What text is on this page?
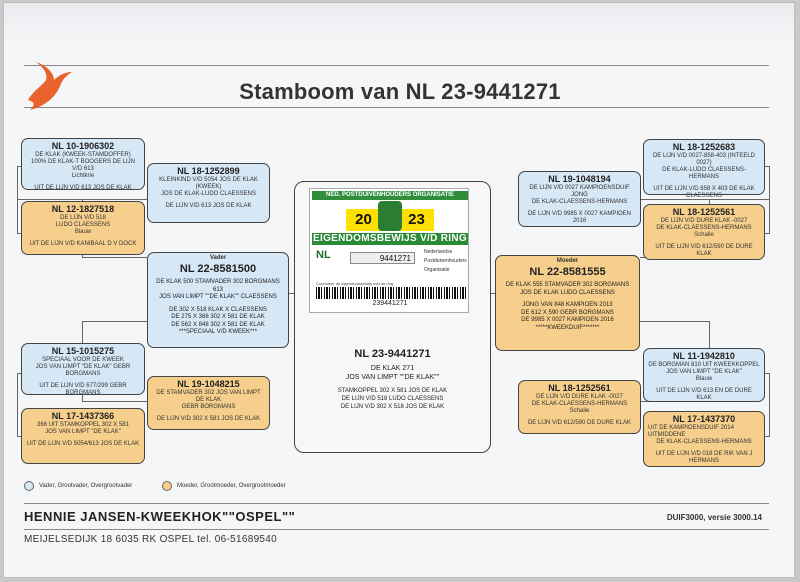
Stamboom van NL 23-9441271
NL 10-1906302
DE KLAK (KWEEK-STAMDOFFER)
100% DE KLAK-T BOOGERS DE LIJN V/D 613
Lichtkrie
UIT DE LIJN V/D 613 JOS DE KLAK
NL 12-1827518
DE LIJN V/D 518
LUDO CLAESSENS
Blauw
UIT DE LIJN V/D KANIBAAL D V DOCK
NL 15-1015275
SPECIAAL VOOR DE KWEEK
JOS VAN LIMPT "DE KLAK" GEBR BORGMANS
UIT DE LIJN V/D 677/299 GEBR BORGMANS
NL 17-1437366
366 UIT STAMKOPPEL 302 X 581
JOS VAN LIMPT "DE KLAK"
UIT DE LIJN V/D 5054/613 JOS DE KLAK
NL 18-1252899
KLEINKIND V/D 5054 JOS DE KLAK (KWEEK)
JOS DE KLAK-LUDO CLAESSENS
DE LIJN V/D 613 JOS DE KLAK
NL 19-1048215
DE STAMVADER 302 JOS VAN LIMPT DE KLAK
GEBR BORGMANS
DE LIJN V/D 302 X 581 JOS DE KLAK
Vader
NL 22-8581500
DE KLAK 500 STAMVADER 302 BORGMANS 613
JOS VAN LIMPT ""DE KLAK"" CLAESSENS
DE 302 X 518 KLAK X CLAESSENS
DE 275 X 366 302 X 581 DE KLAK
DE 562 X 848 302 X 581 DE KLAK
***SPECIAAL V/D KWEEK***
NL 23-9441271
DE KLAK 271
JOS VAN LIMPT ""DE KLAK""
STAMKOPPEL 302 X 581 JOS DE KLAK
DE LIJN V/D 518 LUDO CLAESSENS
DE LIJN V/D 302 X 518 JOS DE KLAK
NED. POSTDUIVENHOUDERS ORGANISATIE
20 23
EIGENDOMSBEWIJS V/D RING
NL	9441271
Nederlandse
Postduivenhouders
Organisatie
Controleer de eigendomsbewijs met de ring
239441271
Moeder
NL 22-8581555
DE KLAK 555 STAMVADER 302 BORGMANS
JOS DE KLAK LUDO CLAESSENS
JONG VAN 848 KAMPIOEN 2013
DE 612 X 590 GEBR BORGMANS
DE 9985 X 0027 KAMPIOEN 2016
*****KWEEKDUIF*******
NL 19-1048194
DE LIJN V/D 0027 KAMPIOENSDUIF JONG
DE KLAK-CLAESSENS-HERMANS
DE LIJN V/D 9985 X 0027 KAMPIOEN 2016
NL 18-1252561
DE LIJN V/D DURE KLAK -0027
DE KLAK-CLAESSENS-HERMANS
Schalie
DE LIJN V/D 612/590 DE DURE KLAK
NL 18-1252683
DE LIJN V/D 0027-858-403 (INTEELD 0027)
DE KLAK-LUDO CLAESSENS-HERMANS
UIT DE LIJN V/D 858 X 403 DE KLAK CLAESSENS
NL 18-1252561
DE LIJN V/D DURE KLAK -0027
DE KLAK-CLAESSENS-HERMANS
Schalie
UIT DE LIJN V/D 612/590 DE DURE KLAK
NL 11-1942810
DE BORGMAN 810 UIT KWEEKKOPPEL
JOS VAN LIMPT "DE KLAK"
Blauw
UIT DE LIJN V/D 613 EN DE DURE KLAK
NL 17-1437370
UIT DE KAMPIOENSDUIF 2014 UITMIDDENE
DE KLAK-CLAESSENS-HERMANS
UIT DE LIJN V/D 018 DE RIK VAN J HERMANS
Vader, Grootvader, Overgrootvader	Moeder, Grootmoeder, Overgrootmoeder
HENNIE JANSEN-KWEEKHOK""OSPEL""	DUIF3000, versie 3000.14
MEIJELSEDIJK 18 6035 RK OSPEL tel. 06-51689540
